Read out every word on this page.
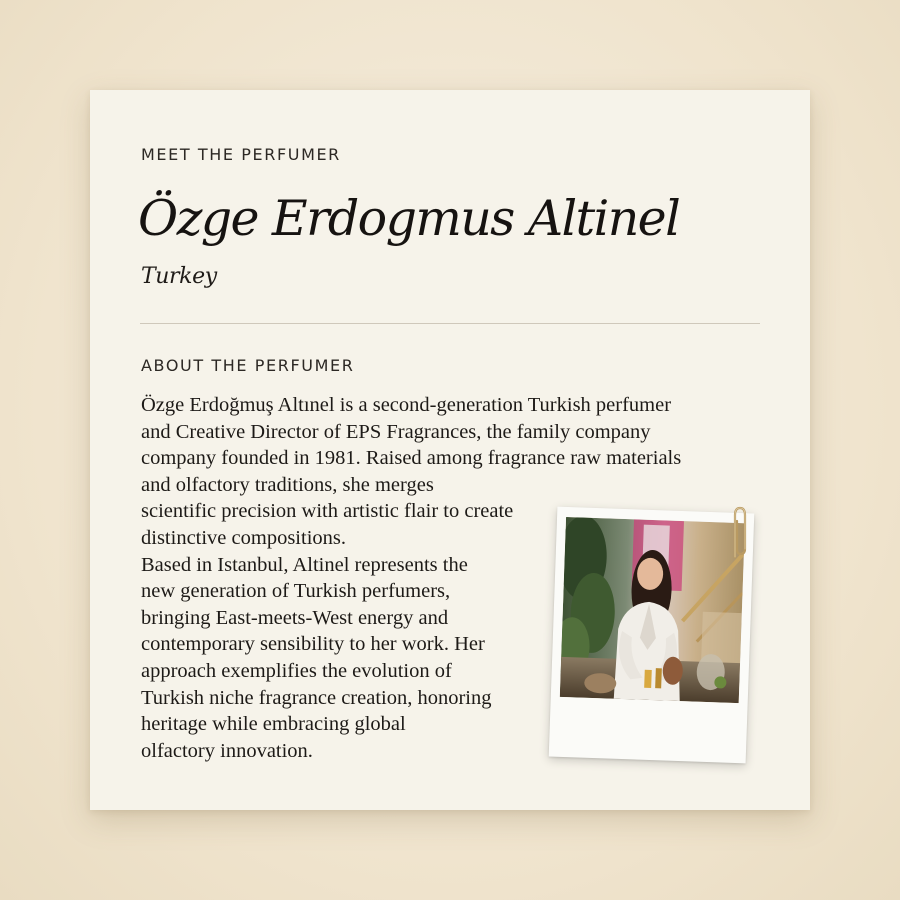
MEET THE PERFUMER
Özge Erdogmus Altinel
Turkey
ABOUT THE PERFUMER
Özge Erdoğmuş Altınel is a second-generation Turkish perfumer
and Creative Director of EPS Fragrances, the family company
company founded in 1981. Raised among fragrance raw materials
and olfactory traditions, she merges
scientific precision with artistic flair to create
distinctive compositions.
Based in Istanbul, Altinel represents the
new generation of Turkish perfumers,
bringing East-meets-West energy and
contemporary sensibility to her work. Her
approach exemplifies the evolution of
Turkish niche fragrance creation, honoring
heritage while embracing global
olfactory innovation.
